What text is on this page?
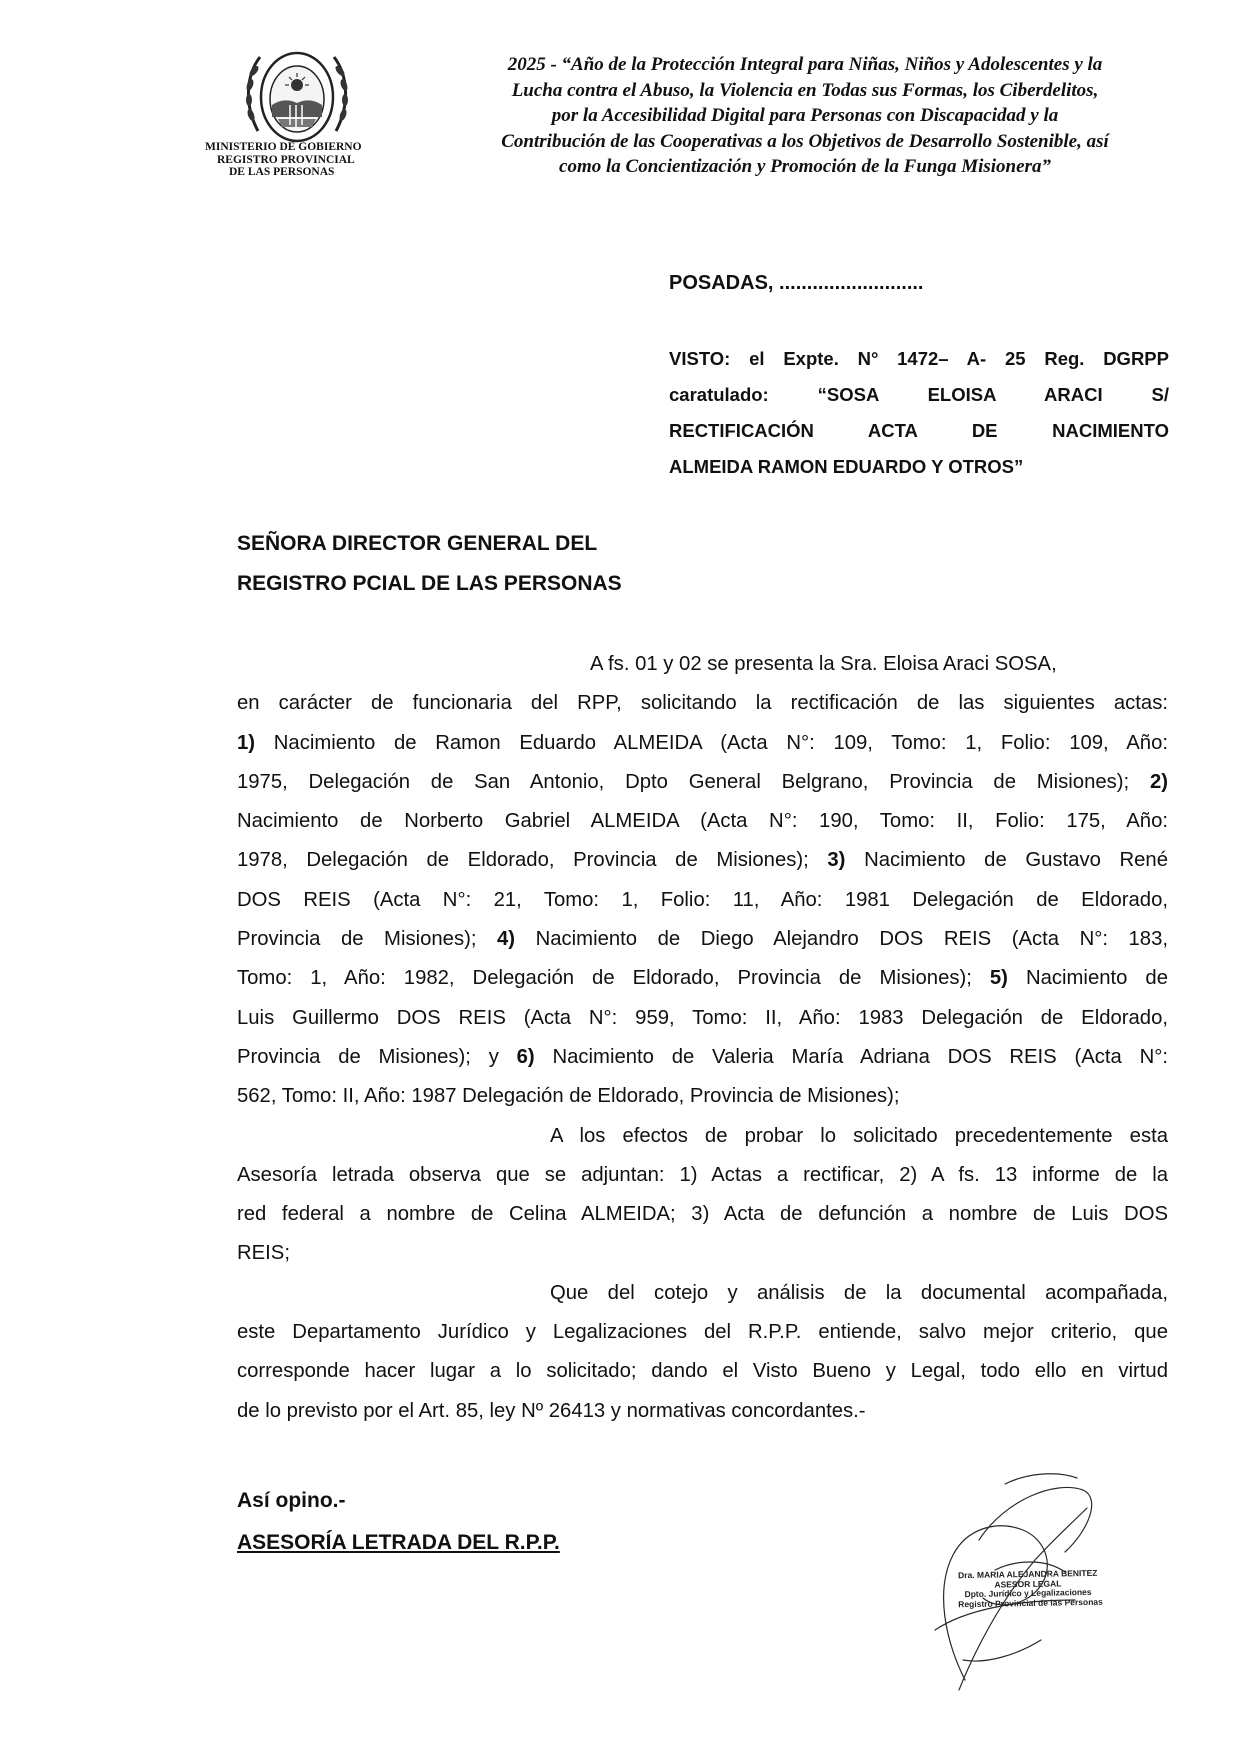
MINISTERIO DE GOBIERNO
REGISTRO PROVINCIAL
DE LAS PERSONAS
2025 - “Año de la Protección Integral para Niñas, Niños y Adolescentes y la
Lucha contra el Abuso, la Violencia en Todas sus Formas, los Ciberdelitos,
por la Accesibilidad Digital para Personas con Discapacidad y la
Contribución de las Cooperativas a los Objetivos de Desarrollo Sostenible, así
como la Concientización y Promoción de la Funga Misionera”
POSADAS, ..........................
VISTO: el Expte. N° 1472– A- 25 Reg. DGRPP
caratulado: “SOSA ELOISA ARACI S/
RECTIFICACIÓN ACTA DE NACIMIENTO
ALMEIDA RAMON EDUARDO Y OTROS”
SEÑORA DIRECTOR GENERAL DEL
REGISTRO PCIAL DE LAS PERSONAS
A fs. 01 y 02 se presenta la Sra. Eloisa Araci SOSA,
en carácter de funcionaria del RPP, solicitando la rectificación de las siguientes actas:
1) Nacimiento de Ramon Eduardo ALMEIDA (Acta N°: 109, Tomo: 1, Folio: 109, Año:
1975, Delegación de San Antonio, Dpto General Belgrano, Provincia de Misiones); 2)
Nacimiento de Norberto Gabriel ALMEIDA (Acta N°: 190, Tomo: II, Folio: 175, Año:
1978, Delegación de Eldorado, Provincia de Misiones); 3) Nacimiento de Gustavo René
DOS REIS (Acta N°: 21, Tomo: 1, Folio: 11, Año: 1981 Delegación de Eldorado,
Provincia de Misiones); 4) Nacimiento de Diego Alejandro DOS REIS (Acta N°: 183,
Tomo: 1, Año: 1982, Delegación de Eldorado, Provincia de Misiones); 5) Nacimiento de
Luis Guillermo DOS REIS (Acta N°: 959, Tomo: II, Año: 1983 Delegación de Eldorado,
Provincia de Misiones); y 6) Nacimiento de Valeria María Adriana DOS REIS (Acta N°:
562, Tomo: II, Año: 1987 Delegación de Eldorado, Provincia de Misiones);
A los efectos de probar lo solicitado precedentemente esta
Asesoría letrada observa que se adjuntan: 1) Actas a rectificar, 2) A fs. 13 informe de la
red federal a nombre de Celina ALMEIDA; 3) Acta de defunción a nombre de Luis DOS
REIS;
Que del cotejo y análisis de la documental acompañada,
este Departamento Jurídico y Legalizaciones del R.P.P. entiende, salvo mejor criterio, que
corresponde hacer lugar a lo solicitado; dando el Visto Bueno y Legal, todo ello en virtud
de lo previsto por el Art. 85, ley Nº 26413 y normativas concordantes.-
Así opino.-
ASESORÍA LETRADA DEL R.P.P.
Dra. MARIA ALEJANDRA BENITEZ
ASESOR LEGAL
Dpto. Jurídico y Legalizaciones
Registro Provincial de las Personas
